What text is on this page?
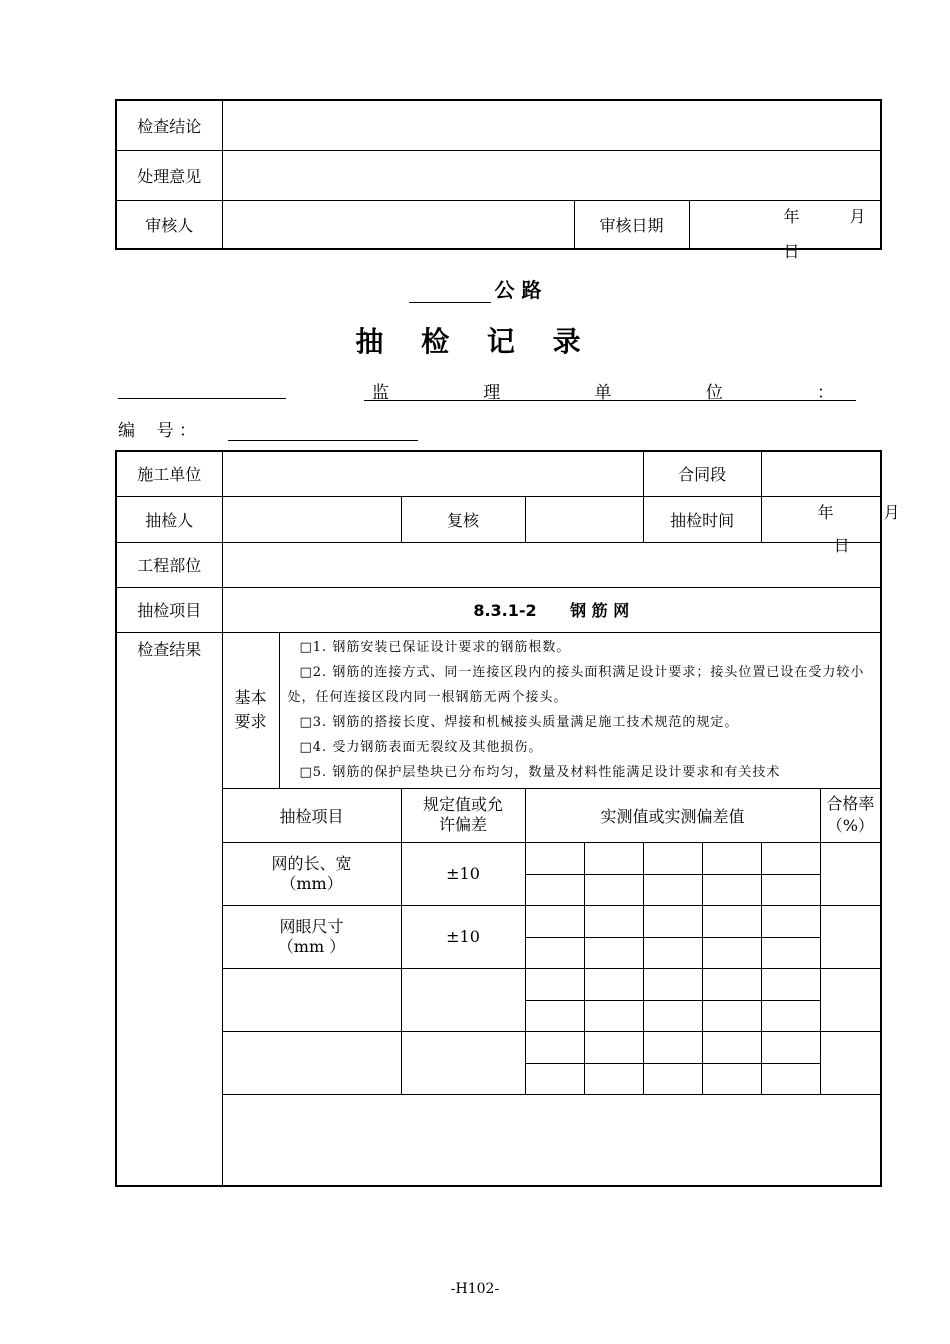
检查结论			
处理意见			
审核人		审核日期	年 月
日
公 路
抽 检 记 录
监	理	单	位	：
编    号 ：
施工单位						合同段			
抽检人			复核			抽检时间		年 月
日	

工程部位									
抽检项目	8.3.1-2      钢 筋 网								
检查结果	基本要求	□1. 钢筋安装已保证设计要求的钢筋根数。

□2. 钢筋的连接方式、同一连接区段内的接头面积满足设计要求；接头位置已设在受力较小处，任何连接区段内同一根钢筋无两个接头。

□3. 钢筋的搭接长度、焊接和机械接头质量满足施工技术规范的规定。

□4. 受力钢筋表面无裂纹及其他损伤。

□5. 钢筋的保护层垫块已分布均匀，数量及材料性能满足设计要求和有关技术							

	抽检项目		规定值或允许偏差	实测值或实测偏差值					合格率（%）

	网的长、宽（mm）		±10						

	网眼尺寸（mm ）		±10						

-H102-
